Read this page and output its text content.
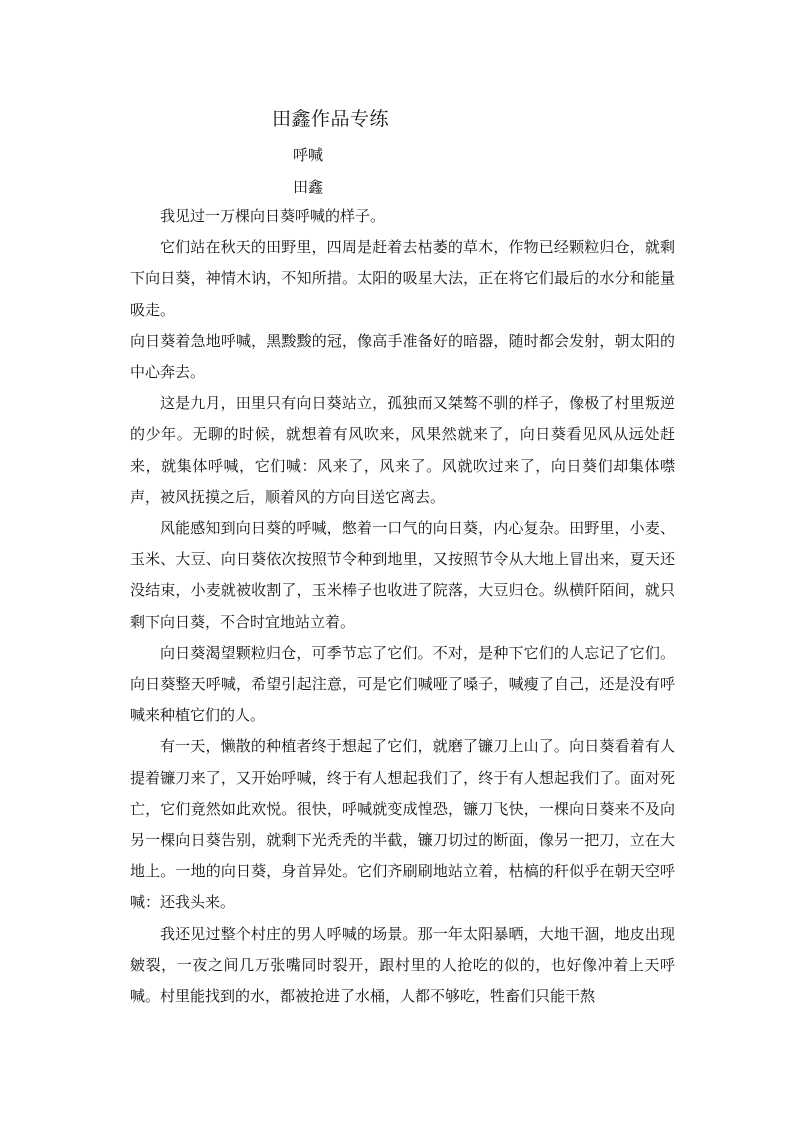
田鑫作品专练
呼喊
田鑫

我见过一万棵向日葵呼喊的样子。

它们站在秋天的田野里，四周是赶着去枯萎的草木，作物已经颗粒归仓，就剩下向日葵，神情木讷，不知所措。太阳的吸星大法，正在将它们最后的水分和能量吸走。

向日葵着急地呼喊，黑黢黢的冠，像高手准备好的暗器，随时都会发射，朝太阳的中心奔去。

这是九月，田里只有向日葵站立，孤独而又桀骜不驯的样子，像极了村里叛逆的少年。无聊的时候，就想着有风吹来，风果然就来了，向日葵看见风从远处赶来，就集体呼喊，它们喊：风来了，风来了。风就吹过来了，向日葵们却集体噤声，被风抚摸之后，顺着风的方向目送它离去。

风能感知到向日葵的呼喊，憋着一口气的向日葵，内心复杂。田野里，小麦、玉米、大豆、向日葵依次按照节令种到地里，又按照节令从大地上冒出来，夏天还没结束，小麦就被收割了，玉米棒子也收进了院落，大豆归仓。纵横阡陌间，就只剩下向日葵，不合时宜地站立着。

向日葵渴望颗粒归仓，可季节忘了它们。不对，是种下它们的人忘记了它们。向日葵整天呼喊，希望引起注意，可是它们喊哑了嗓子，喊瘦了自己，还是没有呼喊来种植它们的人。

有一天，懒散的种植者终于想起了它们，就磨了镰刀上山了。向日葵看着有人提着镰刀来了，又开始呼喊，终于有人想起我们了，终于有人想起我们了。面对死亡，它们竟然如此欢悦。很快，呼喊就变成惶恐，镰刀飞快，一棵向日葵来不及向另一棵向日葵告别，就剩下光秃秃的半截，镰刀切过的断面，像另一把刀，立在大地上。一地的向日葵，身首异处。它们齐刷刷地站立着，枯槁的秆似乎在朝天空呼喊：还我头来。

我还见过整个村庄的男人呼喊的场景。那一年太阳暴晒，大地干涸，地皮出现皴裂，一夜之间几万张嘴同时裂开，跟村里的人抢吃的似的，也好像冲着上天呼喊。村里能找到的水，都被抢进了水桶，人都不够吃，牲畜们只能干熬
